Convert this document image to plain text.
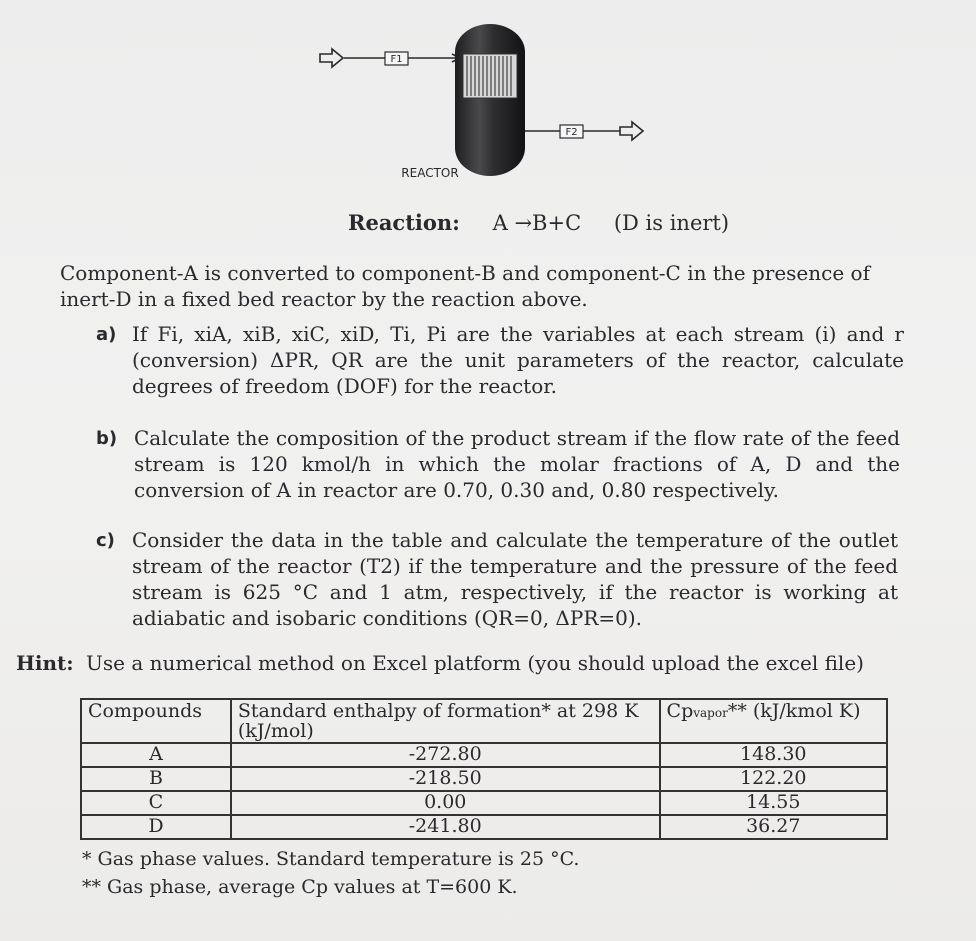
F1
REACTOR
F2
Reaction: A →B+C (D is inert)
Component-A is converted to component-B and component-C in the presence of inert-D in a fixed bed reactor by the reaction above.
a) If Fi, xiA, xiB, xiC, xiD, Ti, Pi are the variables at each stream (i) and r (conversion) ΔPR, QR are the unit parameters of the reactor, calculate degrees of freedom (DOF) for the reactor.
b) Calculate the composition of the product stream if the flow rate of the feed stream is 120 kmol/h in which the molar fractions of A, D and the conversion of A in reactor are 0.70, 0.30 and, 0.80 respectively.
c) Consider the data in the table and calculate the temperature of the outlet stream of the reactor (T2) if the temperature and the pressure of the feed stream is 625 °C and 1 atm, respectively, if the reactor is working at adiabatic and isobaric conditions (QR=0, ΔPR=0).
Hint: Use a numerical method on Excel platform (you should upload the excel file)
Compounds	Standard enthalpy of formation* at 298 K (kJ/mol)	Cpvapor** (kJ/kmol K)
A	-272.80	148.30
B	-218.50	122.20
C	0.00	14.55
D	-241.80	36.27
* Gas phase values. Standard temperature is 25 °C.
** Gas phase, average Cp values at T=600 K.
